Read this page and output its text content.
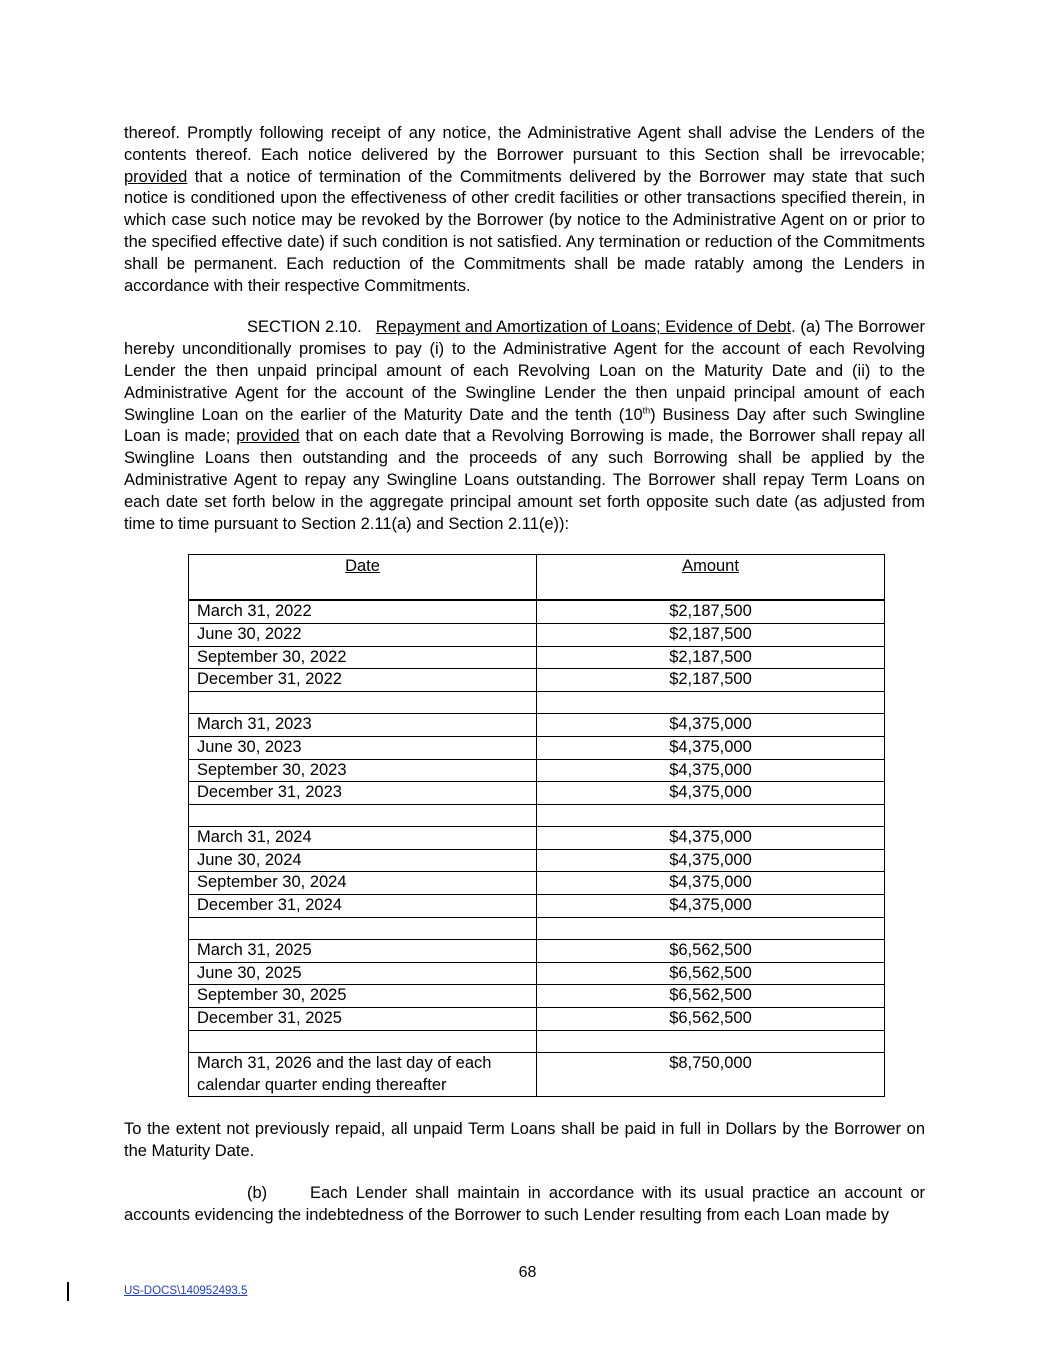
thereof. Promptly following receipt of any notice, the Administrative Agent shall advise the Lenders of the contents thereof. Each notice delivered by the Borrower pursuant to this Section shall be irrevocable; provided that a notice of termination of the Commitments delivered by the Borrower may state that such notice is conditioned upon the effectiveness of other credit facilities or other transactions specified therein, in which case such notice may be revoked by the Borrower (by notice to the Administrative Agent on or prior to the specified effective date) if such condition is not satisfied. Any termination or reduction of the Commitments shall be permanent. Each reduction of the Commitments shall be made ratably among the Lenders in accordance with their respective Commitments.

SECTION 2.10. Repayment and Amortization of Loans; Evidence of Debt. (a) The Borrower hereby unconditionally promises to pay (i) to the Administrative Agent for the account of each Revolving Lender the then unpaid principal amount of each Revolving Loan on the Maturity Date and (ii) to the Administrative Agent for the account of the Swingline Lender the then unpaid principal amount of each Swingline Loan on the earlier of the Maturity Date and the tenth (10th) Business Day after such Swingline Loan is made; provided that on each date that a Revolving Borrowing is made, the Borrower shall repay all Swingline Loans then outstanding and the proceeds of any such Borrowing shall be applied by the Administrative Agent to repay any Swingline Loans outstanding. The Borrower shall repay Term Loans on each date set forth below in the aggregate principal amount set forth opposite such date (as adjusted from time to time pursuant to Section 2.11(a) and Section 2.11(e)):

Date	Amount
March 31, 2022	$2,187,500
June 30, 2022	$2,187,500
September 30, 2022	$2,187,500
December 31, 2022	$2,187,500

March 31, 2023	$4,375,000
June 30, 2023	$4,375,000
September 30, 2023	$4,375,000
December 31, 2023	$4,375,000

March 31, 2024	$4,375,000
June 30, 2024	$4,375,000
September 30, 2024	$4,375,000
December 31, 2024	$4,375,000

March 31, 2025	$6,562,500
June 30, 2025	$6,562,500
September 30, 2025	$6,562,500
December 31, 2025	$6,562,500

March 31, 2026 and the last day of each
calendar quarter ending thereafter	$8,750,000

To the extent not previously repaid, all unpaid Term Loans shall be paid in full in Dollars by the Borrower on the Maturity Date.

(b)	Each Lender shall maintain in accordance with its usual practice an account or accounts evidencing the indebtedness of the Borrower to such Lender resulting from each Loan made by

68
US-DOCS\140952493.5
